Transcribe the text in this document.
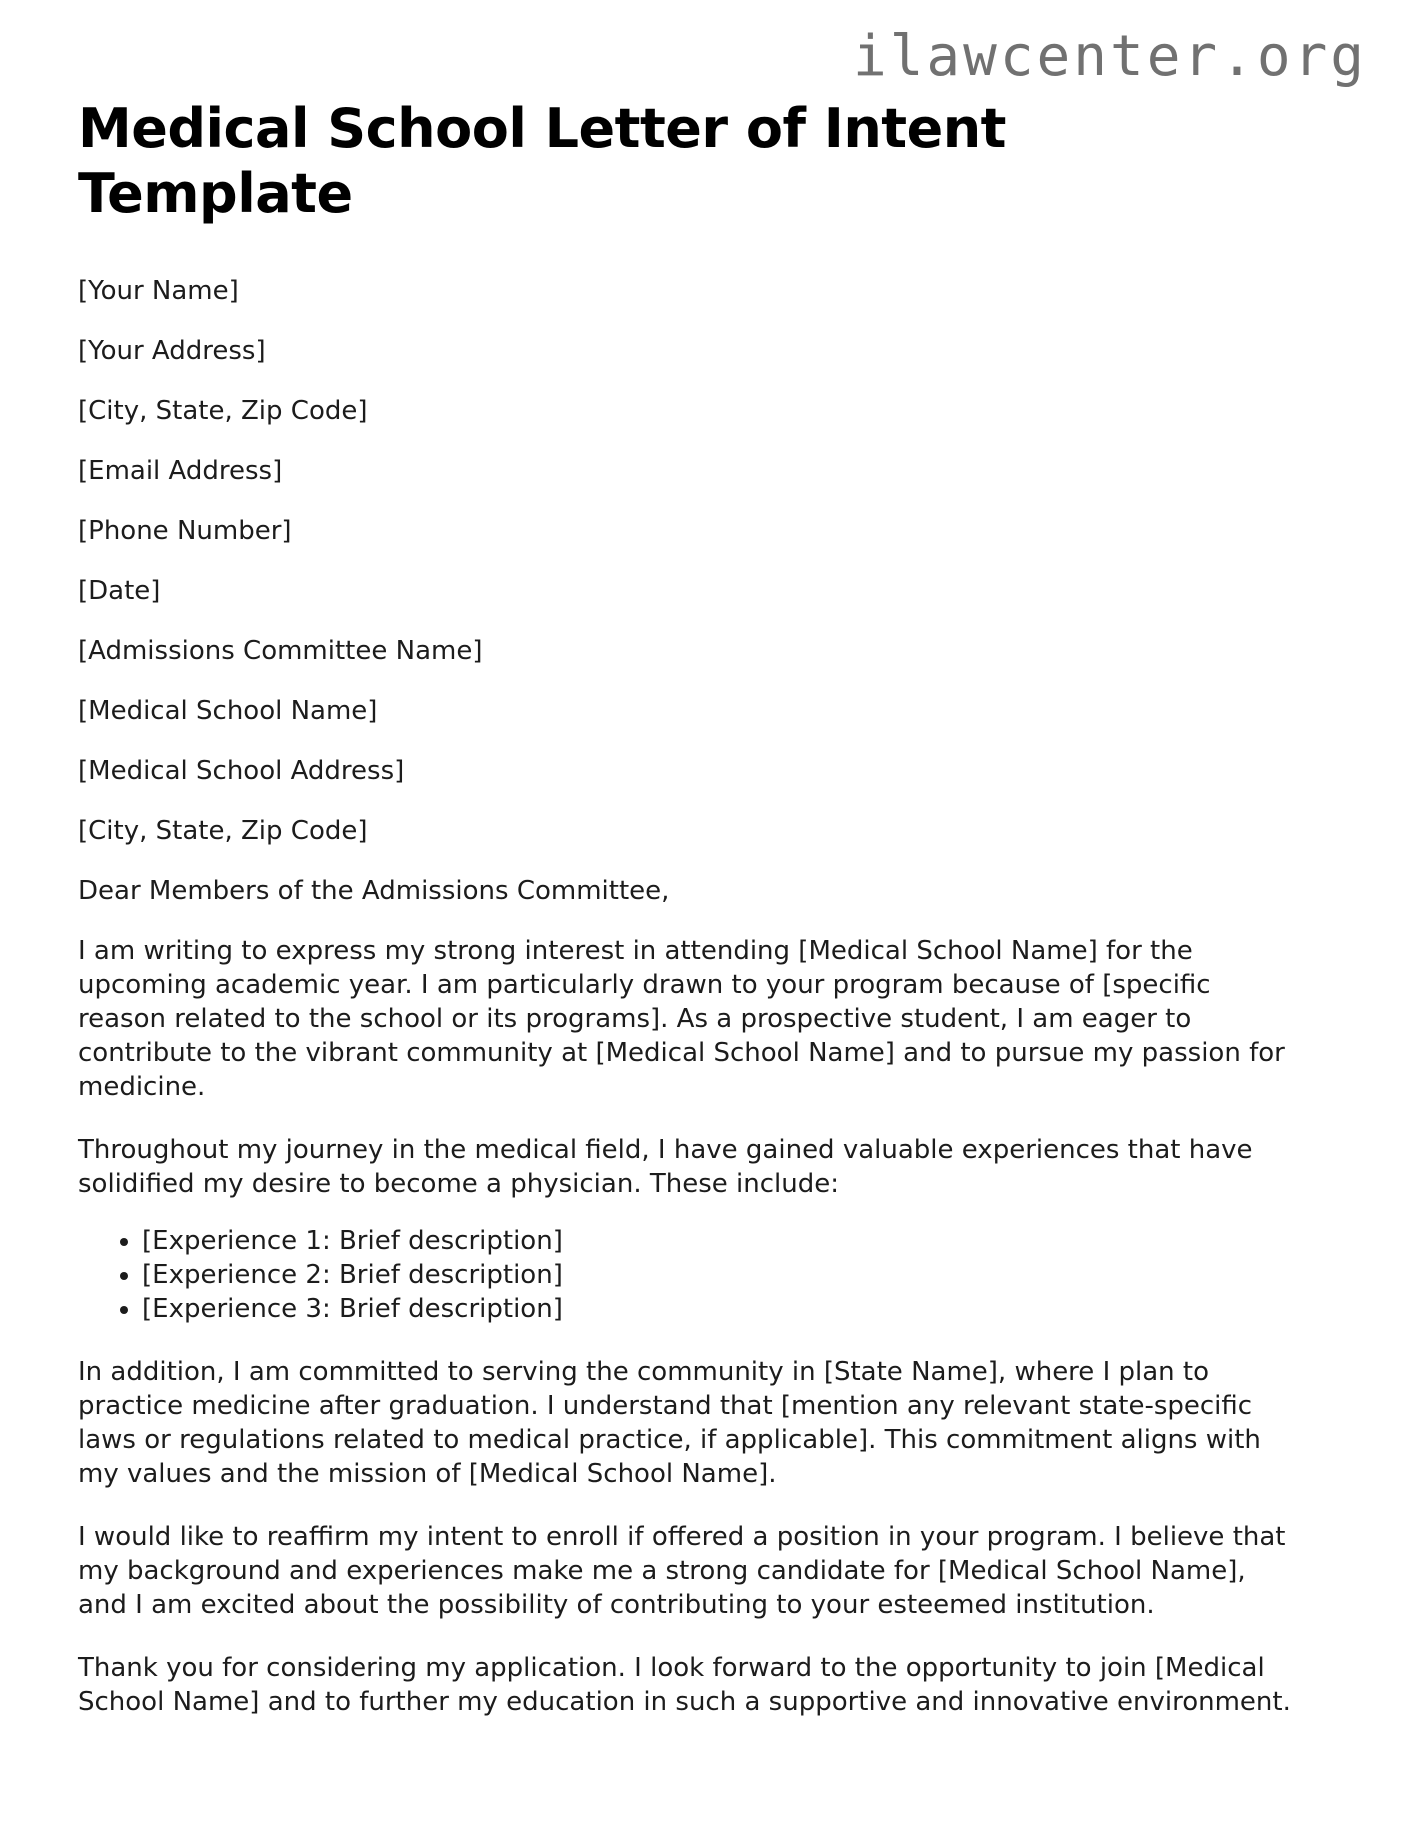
ilawcenter.org
Medical School Letter of Intent Template

[Your Name]

[Your Address]

[City, State, Zip Code]

[Email Address]

[Phone Number]

[Date]

[Admissions Committee Name]

[Medical School Name]

[Medical School Address]

[City, State, Zip Code]

Dear Members of the Admissions Committee,

I am writing to express my strong interest in attending [Medical School Name] for the upcoming academic year. I am particularly drawn to your program because of [specific reason related to the school or its programs]. As a prospective student, I am eager to contribute to the vibrant community at [Medical School Name] and to pursue my passion for medicine.

Throughout my journey in the medical field, I have gained valuable experiences that have solidified my desire to become a physician. These include:

• [Experience 1: Brief description]
• [Experience 2: Brief description]
• [Experience 3: Brief description]

In addition, I am committed to serving the community in [State Name], where I plan to practice medicine after graduation. I understand that [mention any relevant state-specific laws or regulations related to medical practice, if applicable]. This commitment aligns with my values and the mission of [Medical School Name].

I would like to reaffirm my intent to enroll if offered a position in your program. I believe that my background and experiences make me a strong candidate for [Medical School Name], and I am excited about the possibility of contributing to your esteemed institution.

Thank you for considering my application. I look forward to the opportunity to join [Medical School Name] and to further my education in such a supportive and innovative environment.
